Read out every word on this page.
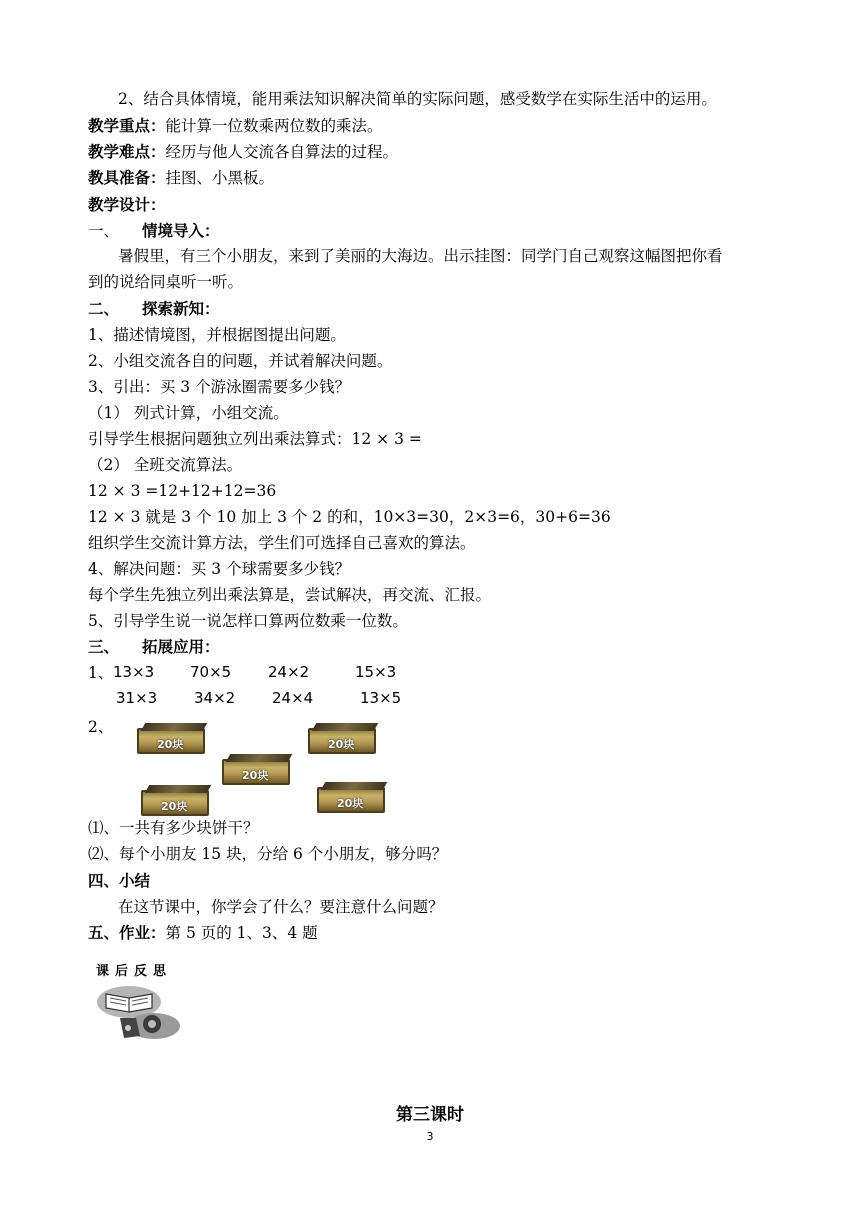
2、结合具体情境，能用乘法知识解决简单的实际问题，感受数学在实际生活中的运用。
教学重点：能计算一位数乘两位数的乘法。
教学难点：经历与他人交流各自算法的过程。
教具准备：挂图、小黑板。
教学设计：
一、 情境导入：
暑假里，有三个小朋友，来到了美丽的大海边。出示挂图：同学门自己观察这幅图把你看
到的说给同桌听一听。
二、 探索新知：
1、描述情境图，并根据图提出问题。
2、小组交流各自的问题，并试着解决问题。
3、引出：买 3 个游泳圈需要多少钱？
（1） 列式计算，小组交流。
引导学生根据问题独立列出乘法算式：12 × 3 =
（2） 全班交流算法。
12 × 3 =12+12+12=36
12 × 3 就是 3 个 10 加上 3 个 2 的和，10×3=30，2×3=6，30+6=36
组织学生交流计算方法，学生们可选择自己喜欢的算法。
4、解决问题：买 3 个球需要多少钱？
每个学生先独立列出乘法算是，尝试解决，再交流、汇报。
5、引导学生说一说怎样口算两位数乘一位数。
三、 拓展应用：
1、 13×3 70×5 24×2	15×3
31×3 34×2 24×4	13×5
2、
20块	20块
20块
20块	20块
⑴、一共有多少块饼干？
⑵、每个小朋友 15 块，分给 6 个小朋友，够分吗？
四、小结
在这节课中，你学会了什么？要注意什么问题？
五、作业：第 5 页的 1、3、4 题
课后反思
第三课时
3
